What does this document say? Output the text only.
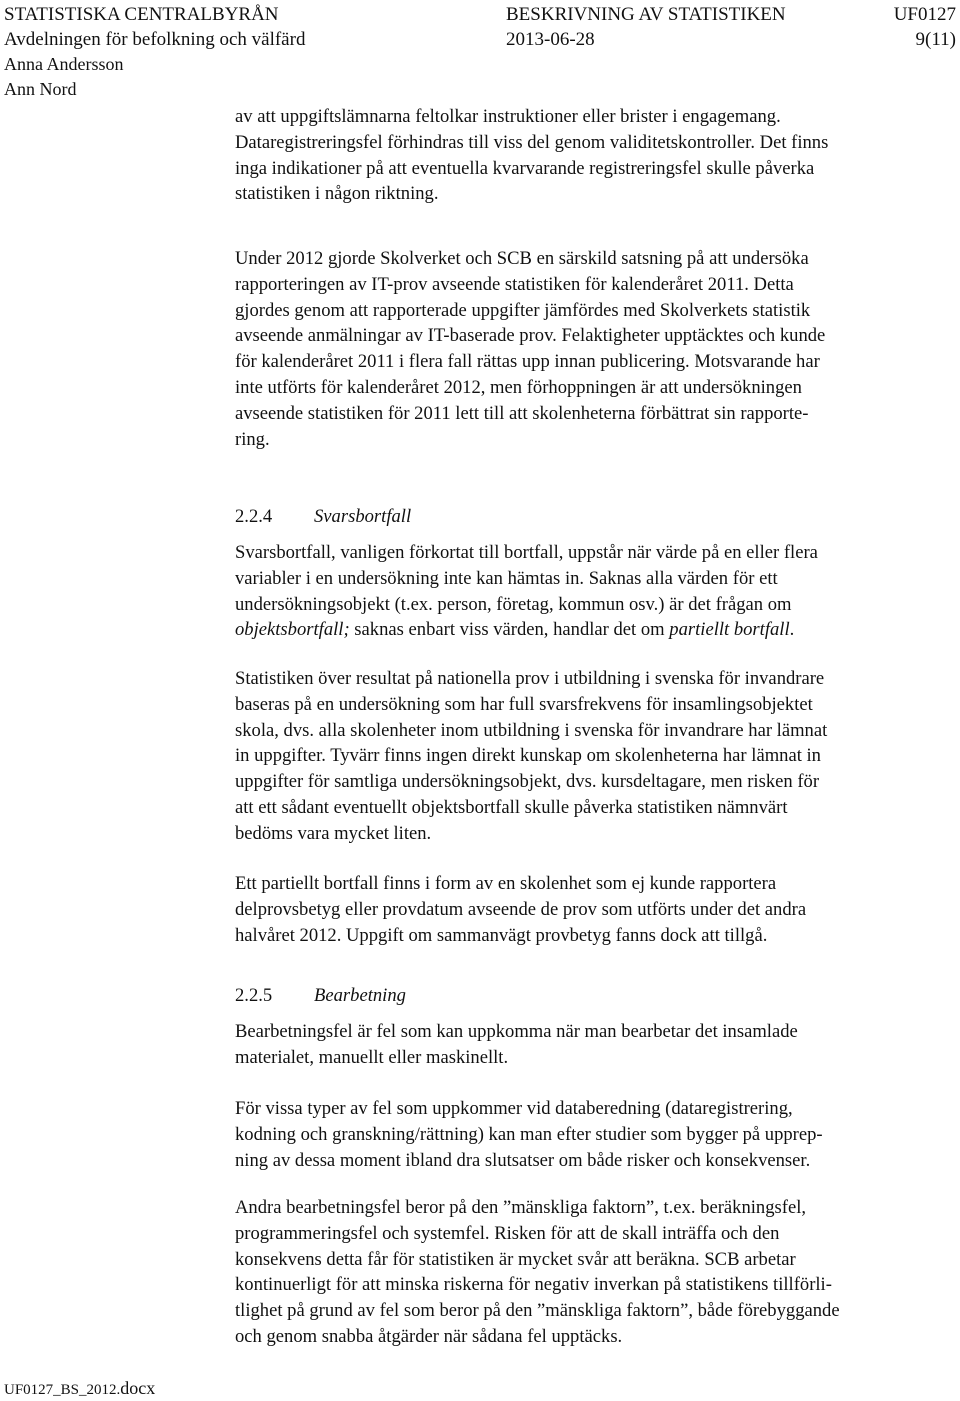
STATISTISKA CENTRALBYRÅN	BESKRIVNING AV STATISTIKEN	UF0127
Avdelningen för befolkning och välfärd	2013-06-28	9(11)
Anna Andersson
Ann Nord

av att uppgiftslämnarna feltolkar instruktioner eller brister i engagemang.

Dataregistreringsfel förhindras till viss del genom validitetskontroller. Det finns

inga indikationer på att eventuella kvarvarande registreringsfel skulle påverka

statistiken i någon riktning.

Under 2012 gjorde Skolverket och SCB en särskild satsning på att undersöka

rapporteringen av IT-prov avseende statistiken för kalenderåret 2011. Detta

gjordes genom att rapporterade uppgifter jämfördes med Skolverkets statistik

avseende anmälningar av IT-baserade prov. Felaktigheter upptäcktes och kunde

för kalenderåret 2011 i flera fall rättas upp innan publicering. Motsvarande har

inte utförts för kalenderåret 2012, men förhoppningen är att undersökningen

avseende statistiken för 2011 lett till att skolenheterna förbättrat sin rapporte-

ring.

2.2.4 Svarsbortfall

Svarsbortfall, vanligen förkortat till bortfall, uppstår när värde på en eller flera

variabler i en undersökning inte kan hämtas in. Saknas alla värden för ett

undersökningsobjekt (t.ex. person, företag, kommun osv.) är det frågan om

objektsbortfall; saknas enbart viss värden, handlar det om partiellt bortfall.

Statistiken över resultat på nationella prov i utbildning i svenska för invandrare

baseras på en undersökning som har full svarsfrekvens för insamlingsobjektet

skola, dvs. alla skolenheter inom utbildning i svenska för invandrare har lämnat

in uppgifter. Tyvärr finns ingen direkt kunskap om skolenheterna har lämnat in

uppgifter för samtliga undersökningsobjekt, dvs. kursdeltagare, men risken för

att ett sådant eventuellt objektsbortfall skulle påverka statistiken nämnvärt

bedöms vara mycket liten.

Ett partiellt bortfall finns i form av en skolenhet som ej kunde rapportera

delprovsbetyg eller provdatum avseende de prov som utförts under det andra

halvåret 2012. Uppgift om sammanvägt provbetyg fanns dock att tillgå.

2.2.5 Bearbetning

Bearbetningsfel är fel som kan uppkomma när man bearbetar det insamlade

materialet, manuellt eller maskinellt.

För vissa typer av fel som uppkommer vid databeredning (dataregistrering,

kodning och granskning/rättning) kan man efter studier som bygger på upprep-

ning av dessa moment ibland dra slutsatser om både risker och konsekvenser.

Andra bearbetningsfel beror på den ”mänskliga faktorn”, t.ex. beräkningsfel,

programmeringsfel och systemfel. Risken för att de skall inträffa och den

konsekvens detta får för statistiken är mycket svår att beräkna. SCB arbetar

kontinuerligt för att minska riskerna för negativ inverkan på statistikens tillförli-

tlighet på grund av fel som beror på den ”mänskliga faktorn”, både förebyggande

och genom snabba åtgärder när sådana fel upptäcks.

UF0127_BS_2012.docx
